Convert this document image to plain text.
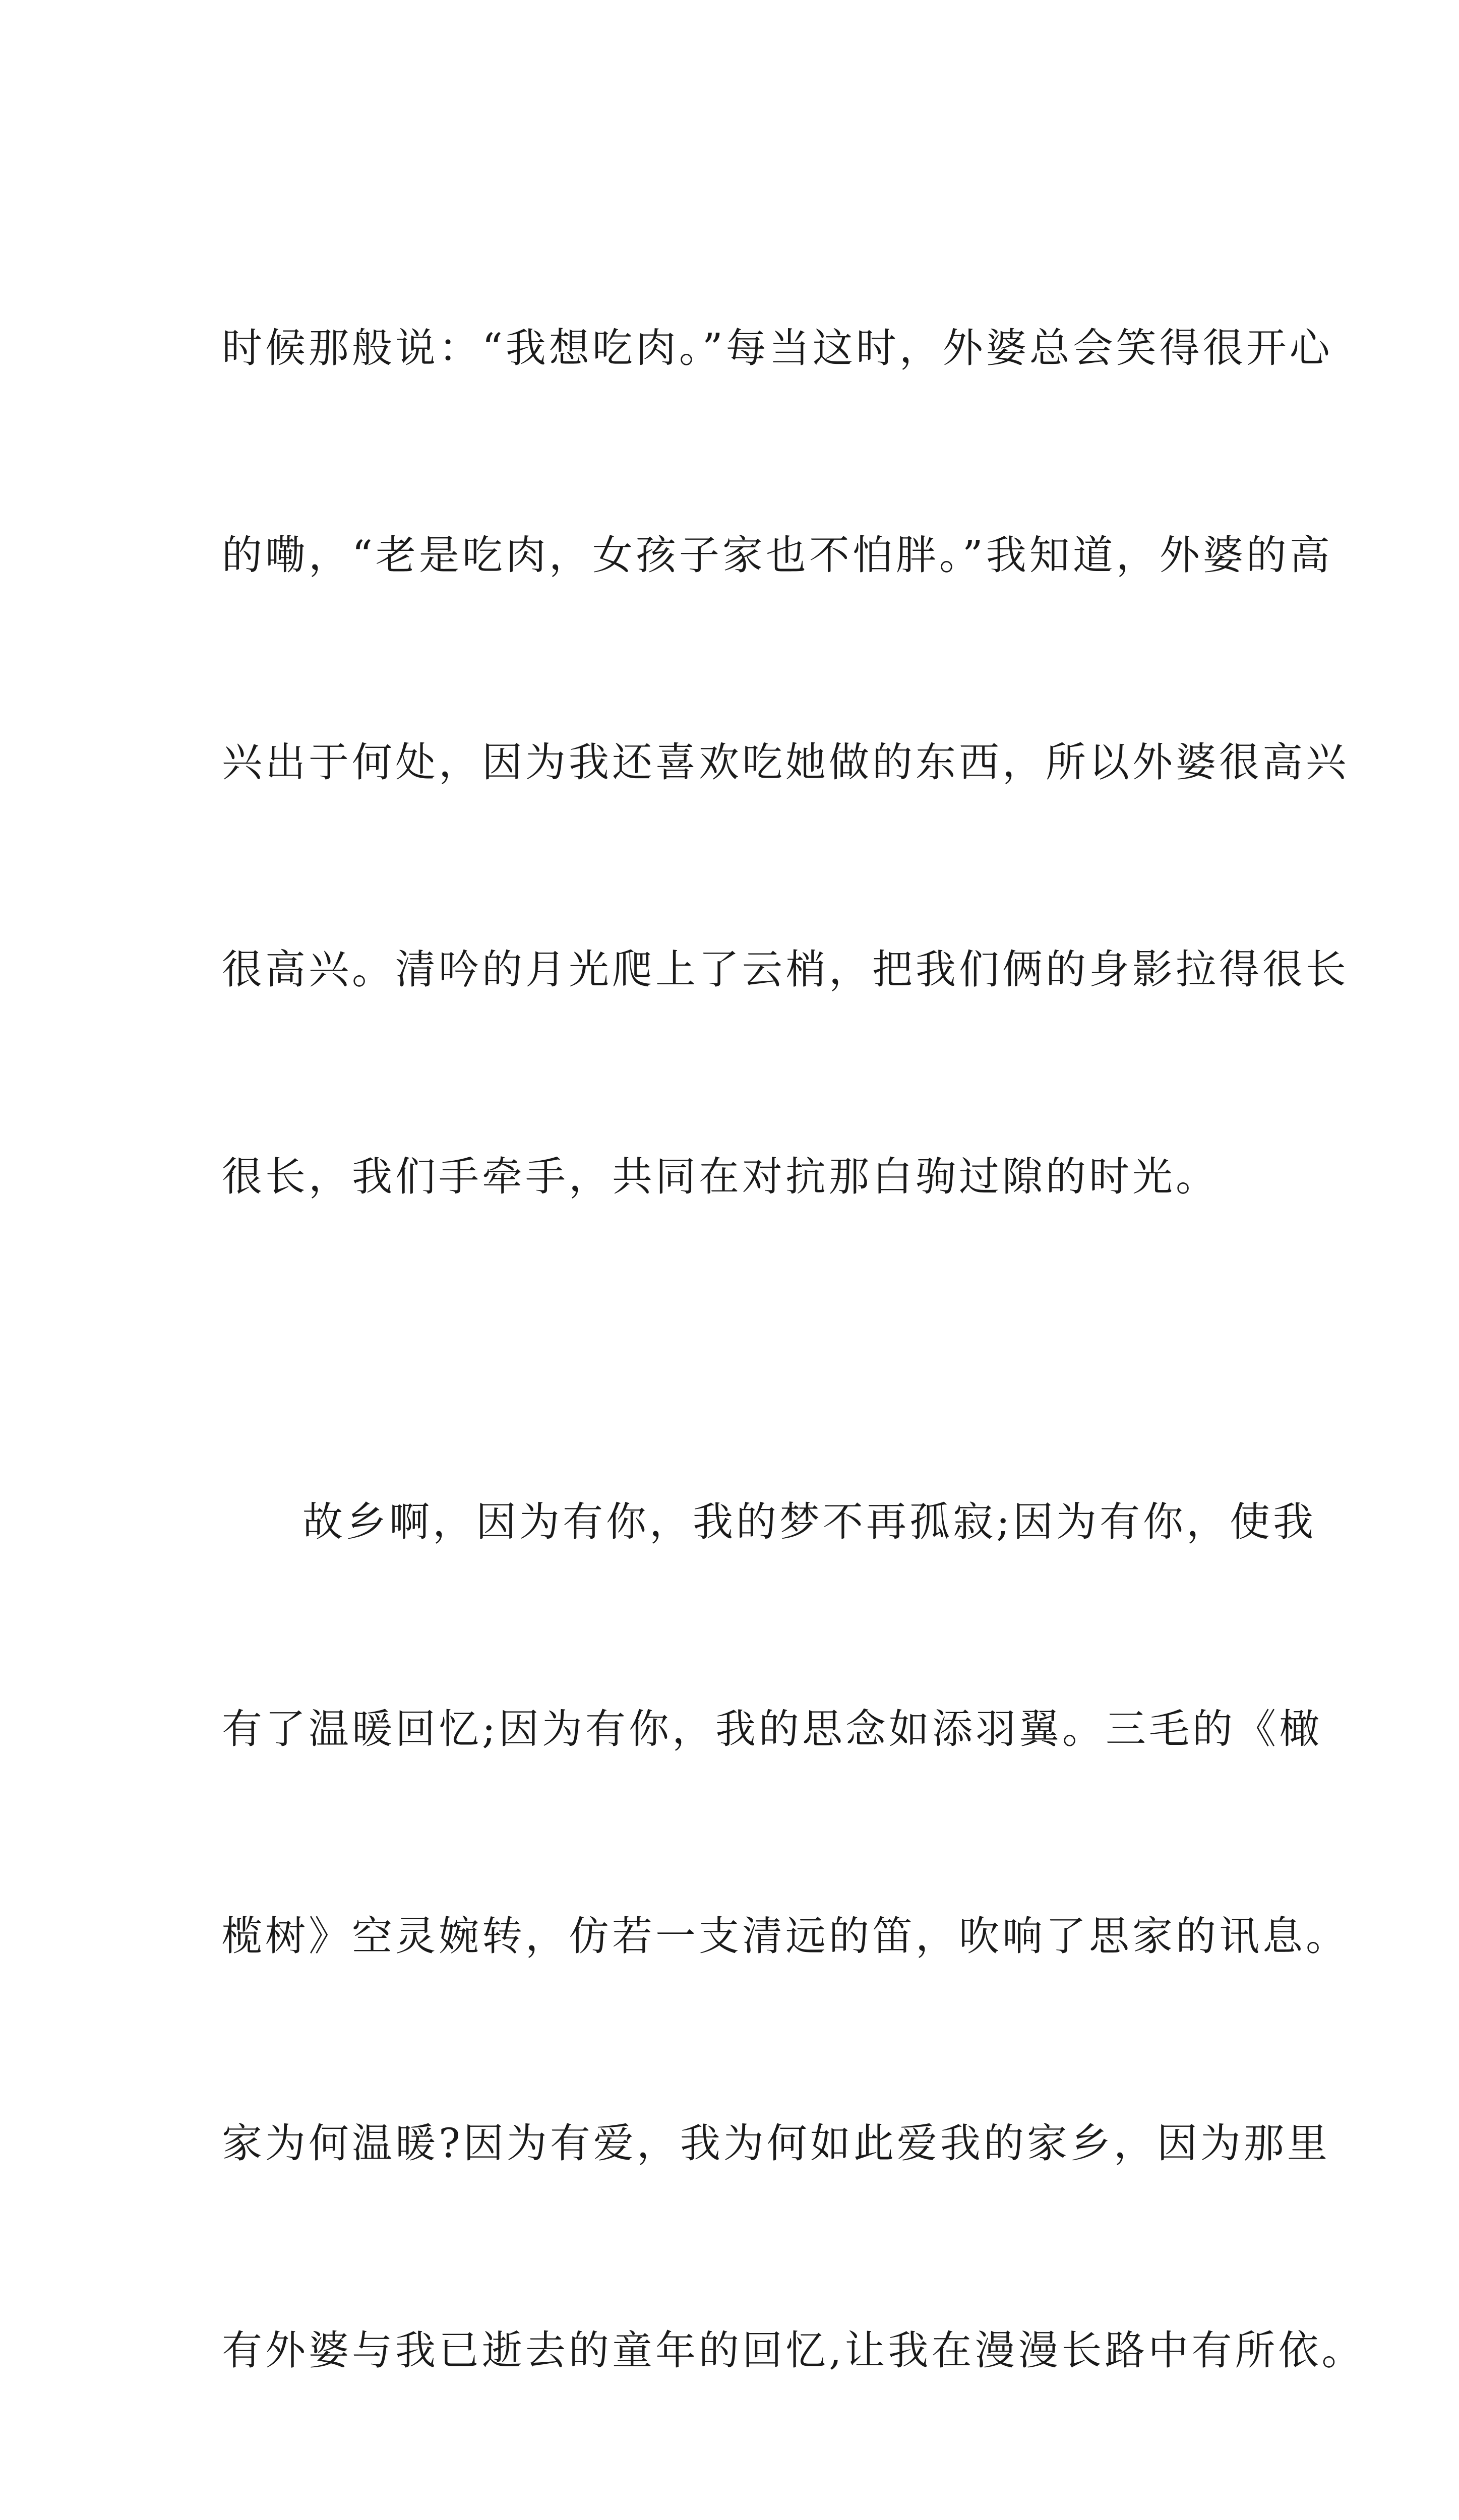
时候那般说：“我想吃肉。”每当这时，外婆总会笑得很开心

的嘞，“老是吃肉，女孩子家也不怕胖。”我知道，外婆的高

兴出于何处，因为我还喜欢吃她做的东西，所以外婆很高兴

很高兴。清吟的月光爬上了云梢，把我们俩的身影拉得很长

很长，我们手牵手，共同在对抗那白驹过隙的时光。

故乡啊，因为有你，我的梦不再孤寂;因为有你，使我

有了温暖回忆;因为有你，我的思念如添羽翼。三毛的《橄

榄树》空灵婉转，仿若一支清远的笛，吹响了思家的讯息。

家为何温暖?因为有爱，我为何如此爱我的家乡，因为那里

有外婆与我已逝去的童年的回忆,让我在漫漫长路中有所依。
